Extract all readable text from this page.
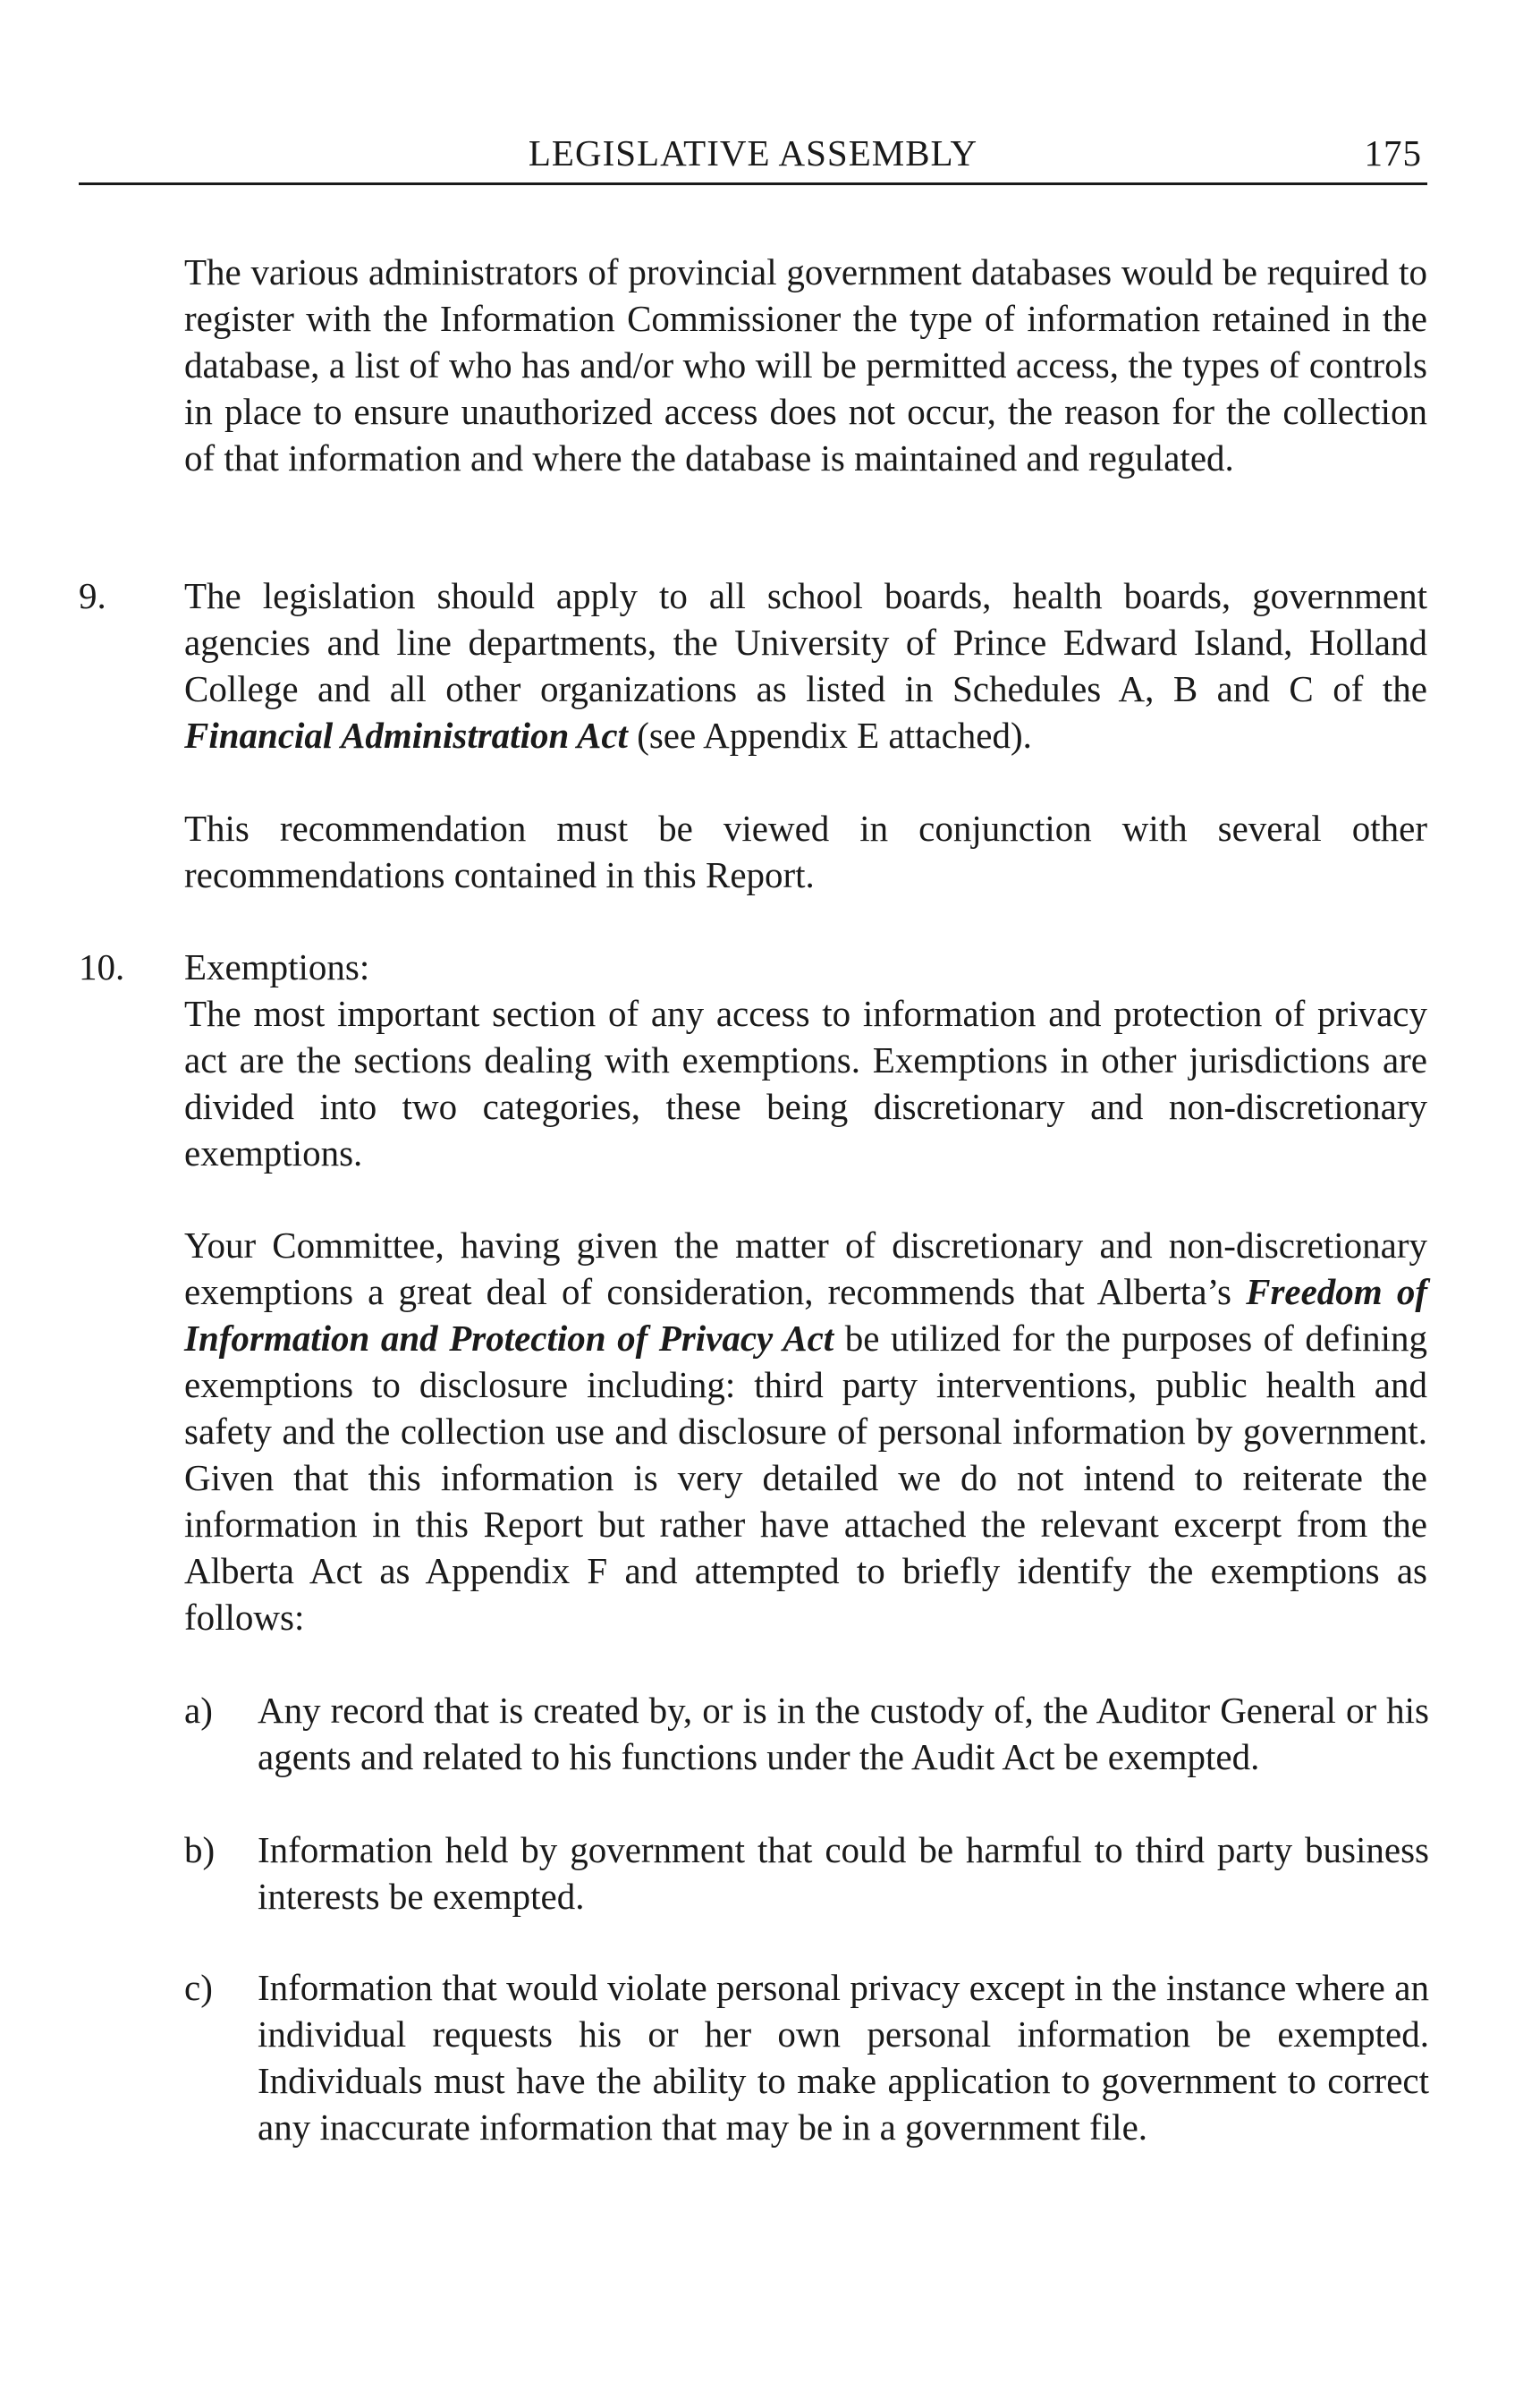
LEGISLATIVE ASSEMBLY	175

The various administrators of provincial government databases would be required to register with the Information Commissioner the type of information retained in the database, a list of who has and/or who will be permitted access, the types of controls in place to ensure unauthorized access does not occur, the reason for the collection of that information and where the database is maintained and regulated.

9. The legislation should apply to all school boards, health boards, government agencies and line departments, the University of Prince Edward Island, Holland College and all other organizations as listed in Schedules A, B and C of the Financial Administration Act (see Appendix E attached).

This recommendation must be viewed in conjunction with several other recommendations contained in this Report.

10. Exemptions:

The most important section of any access to information and protection of privacy act are the sections dealing with exemptions. Exemptions in other jurisdictions are divided into two categories, these being discretionary and non-discretionary exemptions.

Your Committee, having given the matter of discretionary and non-discretionary exemptions a great deal of consideration, recommends that Alberta’s Freedom of Information and Protection of Privacy Act be utilized for the purposes of defining exemptions to disclosure including: third party interventions, public health and safety and the collection use and disclosure of personal information by government. Given that this information is very detailed we do not intend to reiterate the information in this Report but rather have attached the relevant excerpt from the Alberta Act as Appendix F and attempted to briefly identify the exemptions as follows:

a) Any record that is created by, or is in the custody of, the Auditor General or his agents and related to his functions under the Audit Act be exempted.
b) Information held by government that could be harmful to third party business interests be exempted.
c) Information that would violate personal privacy except in the instance where an individual requests his or her own personal information be exempted. Individuals must have the ability to make application to government to correct any inaccurate information that may be in a government file.
